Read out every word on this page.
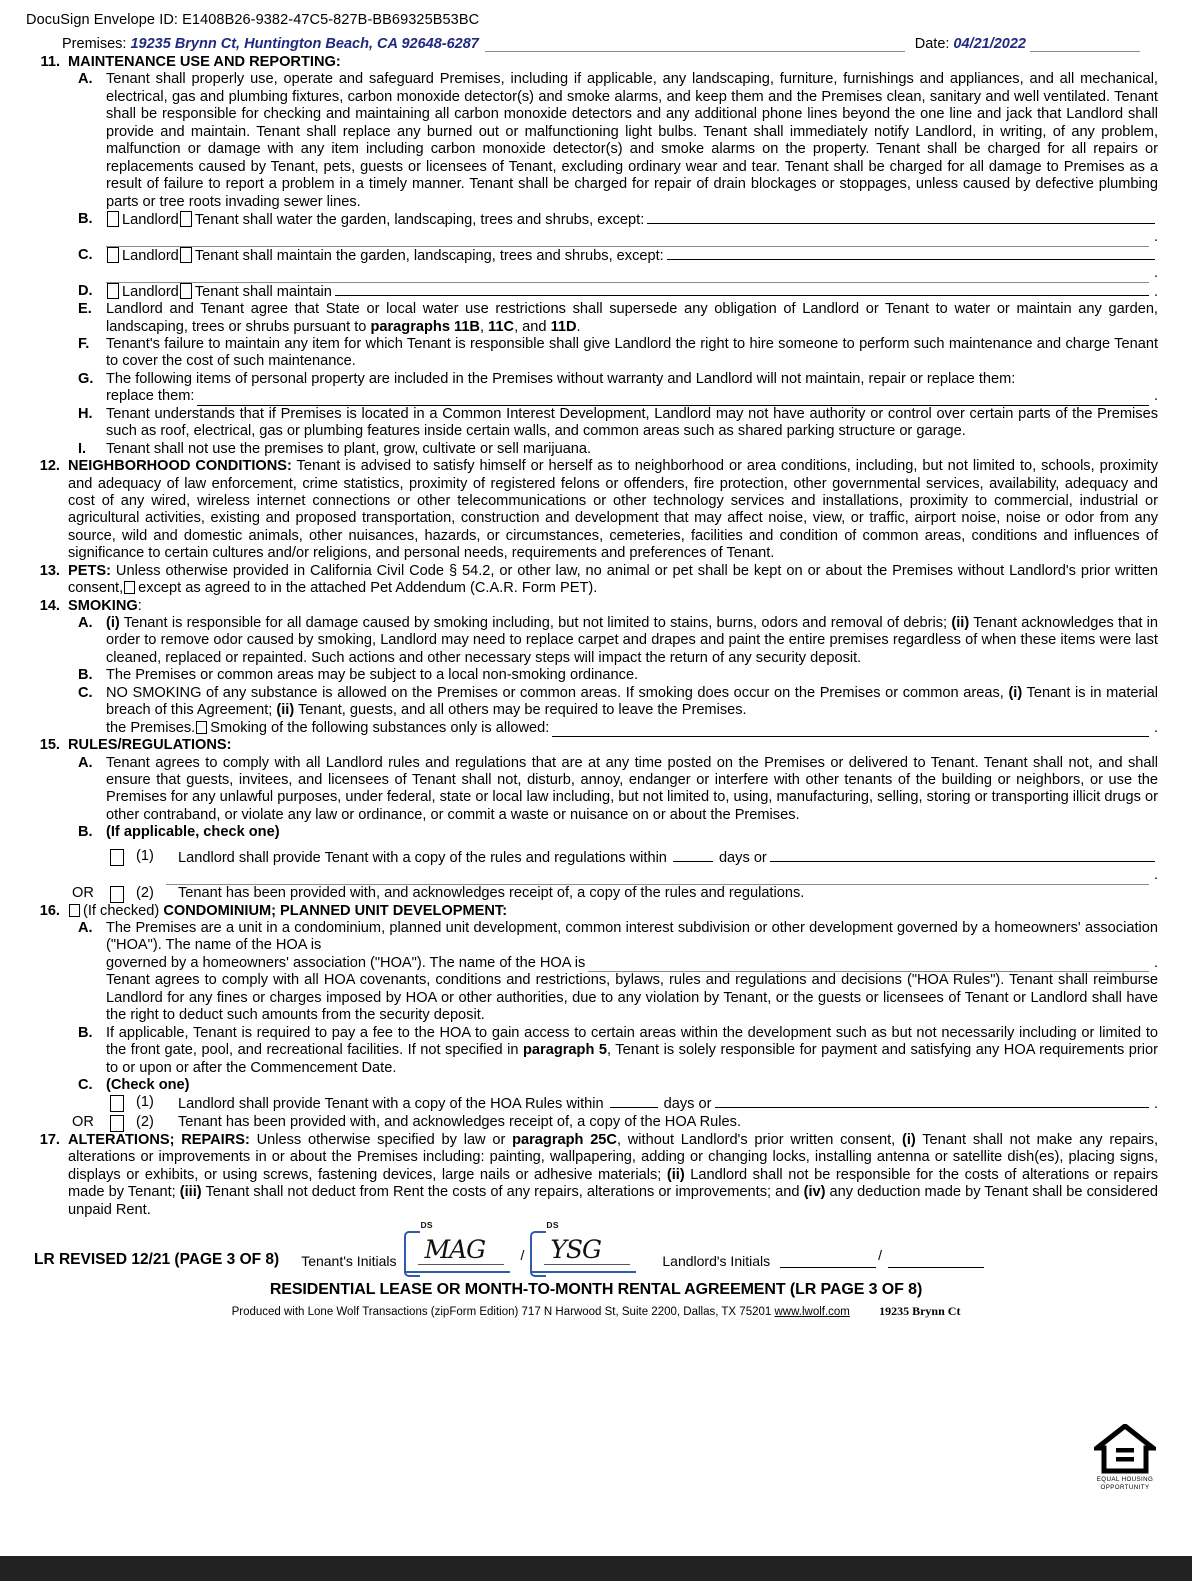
DocuSign Envelope ID: E1408B26-9382-47C5-827B-BB69325B53BC
Premises: 19235 Brynn Ct, Huntington Beach, CA 92648-6287	Date: 04/21/2022
11. MAINTENANCE USE AND REPORTING:
A. Tenant shall properly use, operate and safeguard Premises, including if applicable, any landscaping, furniture, furnishings and appliances, and all mechanical, electrical, gas and plumbing fixtures, carbon monoxide detector(s) and smoke alarms, and keep them and the Premises clean, sanitary and well ventilated. Tenant shall be responsible for checking and maintaining all carbon monoxide detectors and any additional phone lines beyond the one line and jack that Landlord shall provide and maintain. Tenant shall replace any burned out or malfunctioning light bulbs. Tenant shall immediately notify Landlord, in writing, of any problem, malfunction or damage with any item including carbon monoxide detector(s) and smoke alarms on the property. Tenant shall be charged for all repairs or replacements caused by Tenant, pets, guests or licensees of Tenant, excluding ordinary wear and tear. Tenant shall be charged for all damage to Premises as a result of failure to report a problem in a timely manner. Tenant shall be charged for repair of drain blockages or stoppages, unless caused by defective plumbing parts or tree roots invading sewer lines.
B.	Landlord Tenant shall water the garden, landscaping, trees and shrubs, except:
.
C.	Landlord Tenant shall maintain the garden, landscaping, trees and shrubs, except:
.
D.	Landlord Tenant shall maintain	.
E. Landlord and Tenant agree that State or local water use restrictions shall supersede any obligation of Landlord or Tenant to water or maintain any garden, landscaping, trees or shrubs pursuant to paragraphs 11B, 11C, and 11D.
F.	Tenant's failure to maintain any item for which Tenant is responsible shall give Landlord the right to hire someone to perform such maintenance and charge Tenant to cover the cost of such maintenance.
G. The following items of personal property are included in the Premises without warranty and Landlord will not maintain, repair or replace them:
replace them:	.
H. Tenant understands that if Premises is located in a Common Interest Development, Landlord may not have authority or control over certain parts of the Premises such as roof, electrical, gas or plumbing features inside certain walls, and common areas such as shared parking structure or garage.
I.	Tenant shall not use the premises to plant, grow, cultivate or sell marijuana.
12. NEIGHBORHOOD CONDITIONS: Tenant is advised to satisfy himself or herself as to neighborhood or area conditions, including, but not limited to, schools, proximity and adequacy of law enforcement, crime statistics, proximity of registered felons or offenders, fire protection, other governmental services, availability, adequacy and cost of any wired, wireless internet connections or other telecommunications or other technology services and installations, proximity to commercial, industrial or agricultural activities, existing and proposed transportation, construction and development that may affect noise, view, or traffic, airport noise, noise or odor from any source, wild and domestic animals, other nuisances, hazards, or circumstances, cemeteries, facilities and condition of common areas, conditions and influences of significance to certain cultures and/or religions, and personal needs, requirements and preferences of Tenant.
13. PETS: Unless otherwise provided in California Civil Code § 54.2, or other law, no animal or pet shall be kept on or about the Premises without Landlord's prior written consent, except as agreed to in the attached Pet Addendum (C.A.R. Form PET).
14. SMOKING:
A. (i) Tenant is responsible for all damage caused by smoking including, but not limited to stains, burns, odors and removal of debris; (ii) Tenant acknowledges that in order to remove odor caused by smoking, Landlord may need to replace carpet and drapes and paint the entire premises regardless of when these items were last cleaned, replaced or repainted. Such actions and other necessary steps will impact the return of any security deposit.
B. The Premises or common areas may be subject to a local non-smoking ordinance.
C. NO SMOKING of any substance is allowed on the Premises or common areas. If smoking does occur on the Premises or common areas, (i) Tenant is in material breach of this Agreement; (ii) Tenant, guests, and all others may be required to leave the Premises.
the Premises. Smoking of the following substances only is allowed:	.
15. RULES/REGULATIONS:
A. Tenant agrees to comply with all Landlord rules and regulations that are at any time posted on the Premises or delivered to Tenant. Tenant shall not, and shall ensure that guests, invitees, and licensees of Tenant shall not, disturb, annoy, endanger or interfere with other tenants of the building or neighbors, or use the Premises for any unlawful purposes, under federal, state or local law including, but not limited to, using, manufacturing, selling, storing or transporting illicit drugs or other contraband, or violate any law or ordinance, or commit a waste or nuisance on or about the Premises.
B. (If applicable, check one)
(1)	Landlord shall provide Tenant with a copy of the rules and regulations within	days or
.
OR	(2)	Tenant has been provided with, and acknowledges receipt of, a copy of the rules and regulations.
16.	(If checked) CONDOMINIUM; PLANNED UNIT DEVELOPMENT:
A. The Premises are a unit in a condominium, planned unit development, common interest subdivision or other development governed by a homeowners' association ("HOA"). The name of the HOA is
governed by a homeowners' association ("HOA"). The name of the HOA is	.
Tenant agrees to comply with all HOA covenants, conditions and restrictions, bylaws, rules and regulations and decisions ("HOA Rules"). Tenant shall reimburse Landlord for any fines or charges imposed by HOA or other authorities, due to any violation by Tenant, or the guests or licensees of Tenant or Landlord shall have the right to deduct such amounts from the security deposit.
B. If applicable, Tenant is required to pay a fee to the HOA to gain access to certain areas within the development such as but not necessarily including or limited to the front gate, pool, and recreational facilities. If not specified in paragraph 5, Tenant is solely responsible for payment and satisfying any HOA requirements prior to or upon or after the Commencement Date.
C. (Check one)
(1)	Landlord shall provide Tenant with a copy of the HOA Rules within	days or	.
OR	(2)	Tenant has been provided with, and acknowledges receipt of, a copy of the HOA Rules.
17. ALTERATIONS; REPAIRS: Unless otherwise specified by law or paragraph 25C, without Landlord's prior written consent, (i) Tenant shall not make any repairs, alterations or improvements in or about the Premises including: painting, wallpapering, adding or changing locks, installing antenna or satellite dish(es), placing signs, displays or exhibits, or using screws, fastening devices, large nails or adhesive materials; (ii) Landlord shall not be responsible for the costs of alterations or repairs made by Tenant; (iii) Tenant shall not deduct from Rent the costs of any repairs, alterations or improvements; and (iv) any deduction made by Tenant shall be considered unpaid Rent.
LR REVISED 12/21 (PAGE 3 OF 8)	Tenant's Initials
DS
MAG	/
DS
YSG	Landlord's Initials	/
RESIDENTIAL LEASE OR MONTH-TO-MONTH RENTAL AGREEMENT (LR PAGE 3 OF 8)
Produced with Lone Wolf Transactions (zipForm Edition) 717 N Harwood St, Suite 2200, Dallas, TX 75201 www.lwolf.com 19235 Brynn Ct
EQUAL HOUSING
OPPORTUNITY
